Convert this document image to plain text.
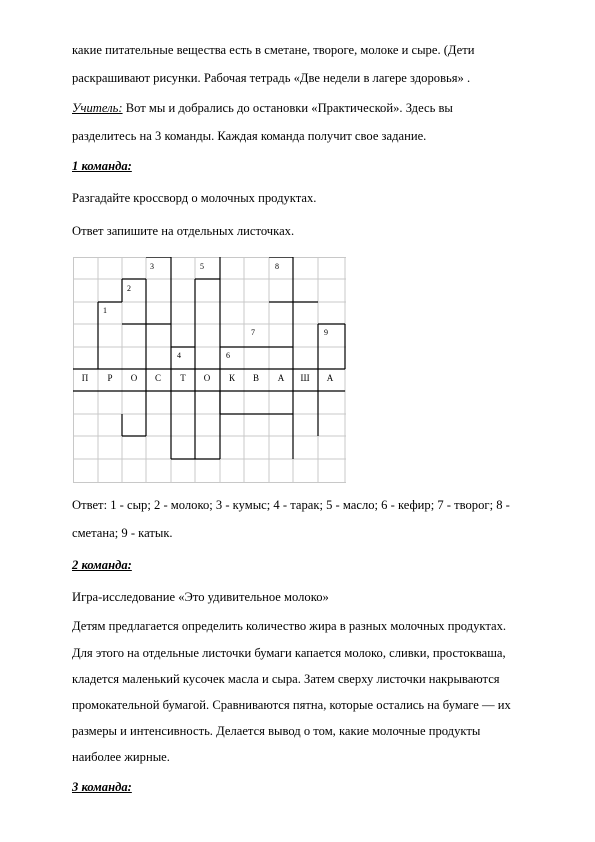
какие питательные вещества есть в сметане, твороге, молоке и сыре. (Дети

раскрашивают рисунки. Рабочая тетрадь «Две недели в лагере здоровья» .

Учитель: Вот мы и добрались до остановки «Практической». Здесь вы

разделитесь на 3 команды. Каждая команда получит свое задание.

1 команда:

Разгадайте кроссворд о молочных продуктах.

Ответ запишите на отдельных листочках.

3	5	8
2
1
7	9
4	6
П	Р	О	С	Т	О	К	В	А	Ш	А

Ответ: 1 - сыр; 2 - молоко; 3 - кумыс; 4 - тарак; 5 - масло; 6 - кефир; 7 - творог; 8 -

сметана; 9 - катык.

2 команда:

Игра-исследование «Это удивительное молоко»

Детям предлагается определить количество жира в разных молочных продуктах.

Для этого на отдельные листочки бумаги капается молоко, сливки, простокваша,

кладется маленький кусочек масла и сыра. Затем сверху листочки накрываются

промокательной бумагой. Сравниваются пятна, которые остались на бумаге — их

размеры и интенсивность. Делается вывод о том, какие молочные продукты

наиболее жирные.

3 команда:
